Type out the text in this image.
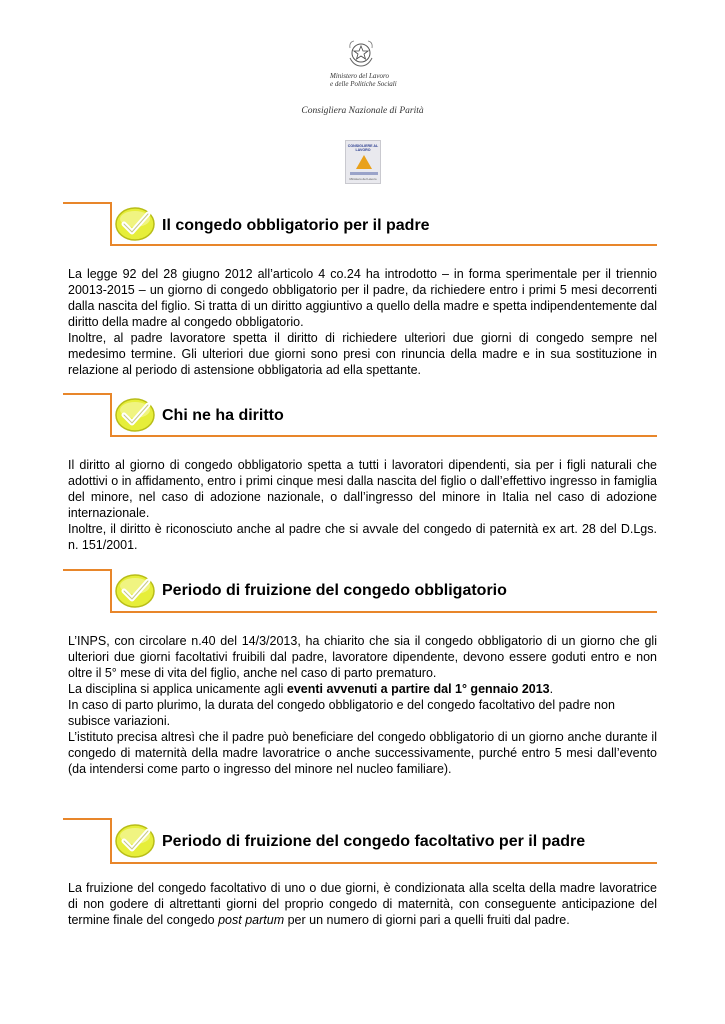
Ministero del Lavoro
e delle Politiche Sociali
Consigliera Nazionale di Parità
CONSIGLIERE AL LAVORO
Ministero del Lavoro
Il congedo obbligatorio per il padre

La legge 92 del 28 giugno 2012 all’articolo 4 co.24 ha introdotto – in forma sperimentale per il triennio 20013-2015 – un giorno di congedo obbligatorio per il padre, da richiedere entro i primi 5 mesi decorrenti dalla nascita del figlio. Si tratta di un diritto aggiuntivo a quello della madre e spetta indipendentemente dal diritto della madre al congedo obbligatorio.

Inoltre, al padre lavoratore spetta il diritto di richiedere ulteriori due giorni di congedo sempre nel medesimo termine. Gli ulteriori due giorni sono presi con rinuncia della madre e in sua sostituzione in relazione al periodo di astensione obbligatoria ad ella spettante.

Chi ne ha diritto

Il diritto al giorno di congedo obbligatorio spetta a tutti i lavoratori dipendenti, sia per i figli naturali che adottivi o in affidamento, entro i primi cinque mesi dalla nascita del figlio o dall’effettivo ingresso in famiglia del minore, nel caso di adozione nazionale, o dall’ingresso del minore in Italia nel caso di adozione internazionale.

Inoltre, il diritto è riconosciuto anche al padre che si avvale del congedo di paternità ex art. 28 del D.Lgs. n. 151/2001.

Periodo di fruizione del congedo obbligatorio

L’INPS, con circolare n.40 del 14/3/2013, ha chiarito che sia il congedo obbligatorio di un giorno che gli ulteriori due giorni facoltativi fruibili dal padre, lavoratore dipendente, devono essere goduti entro e non oltre il 5° mese di vita del figlio, anche nel caso di parto prematuro.

La disciplina si applica unicamente agli eventi avvenuti a partire dal 1° gennaio 2013.

In caso di parto plurimo, la durata del congedo obbligatorio e del congedo facoltativo del padre non subisce variazioni.

L’istituto precisa altresì che il padre può beneficiare del congedo obbligatorio di un giorno anche durante il congedo di maternità della madre lavoratrice o anche successivamente, purché entro 5 mesi dall’evento (da intendersi come parto o ingresso del minore nel nucleo familiare).

Periodo di fruizione del congedo facoltativo per il padre

La fruizione del congedo facoltativo di uno o due giorni, è condizionata alla scelta della madre lavoratrice di non godere di altrettanti giorni del proprio congedo di maternità, con conseguente anticipazione del termine finale del congedo post partum per un numero di giorni pari a quelli fruiti dal padre.
